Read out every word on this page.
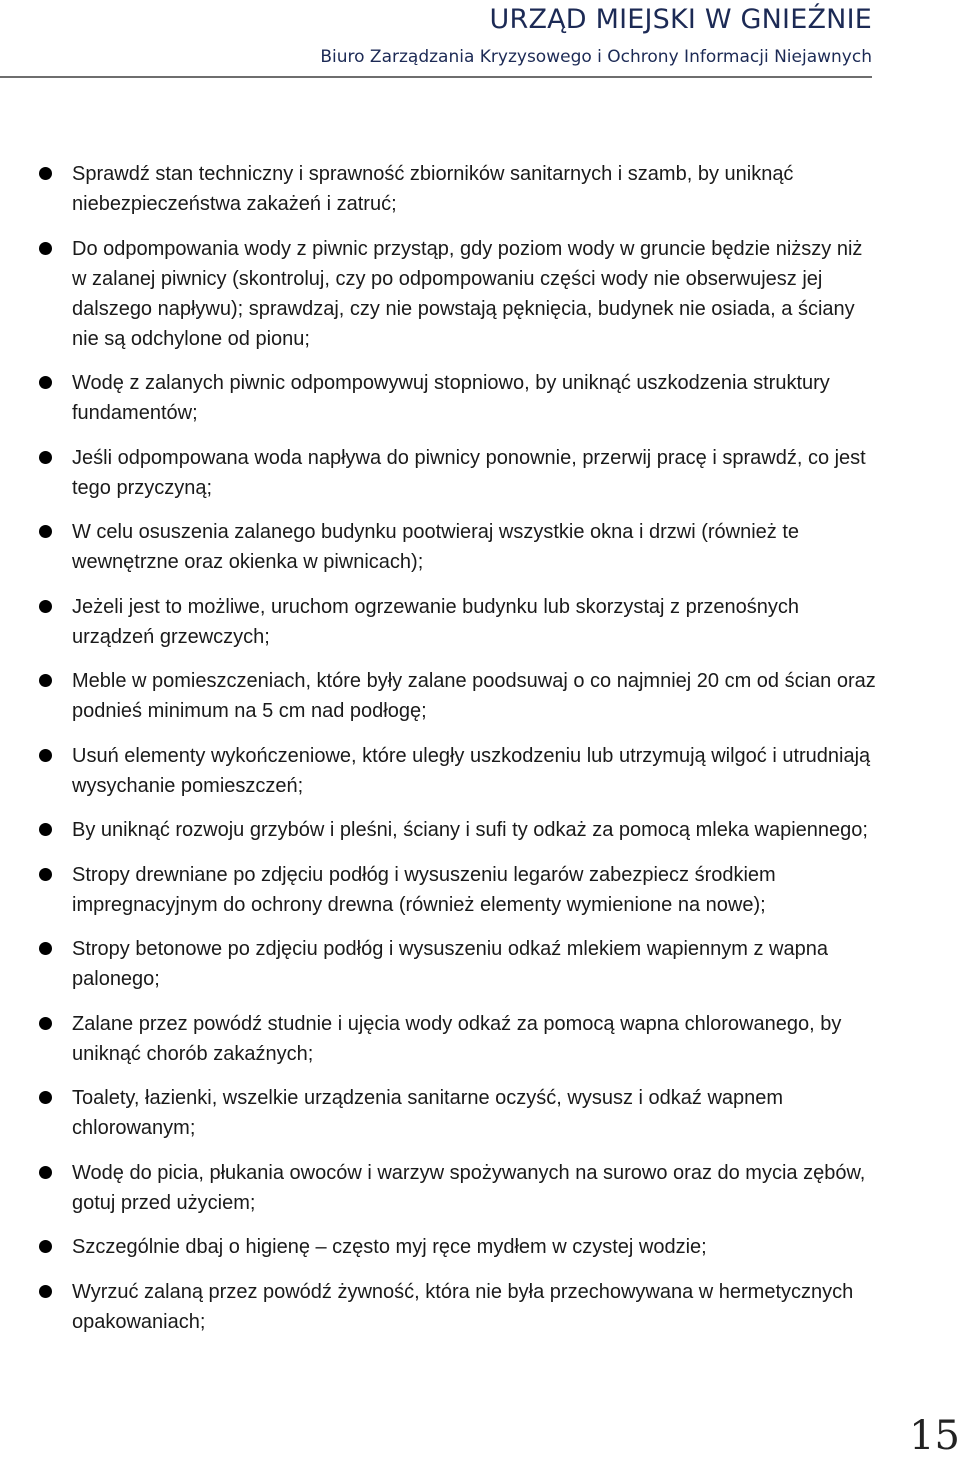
URZĄD MIEJSKI W GNIEŹNIE
Biuro Zarządzania Kryzysowego i Ochrony Informacji Niejawnych
Sprawdź stan techniczny i sprawność zbiorników sanitarnych i szamb, by uniknąć niebezpieczeństwa zakażeń i zatruć;
Do odpompowania wody z piwnic przystąp, gdy poziom wody w gruncie będzie niższy niż w zalanej piwnicy (skontroluj, czy po odpompowaniu części wody nie obserwujesz jej dalszego napływu); sprawdzaj, czy nie powstają pęknięcia, budynek nie osiada, a ściany nie są odchylone od pionu;
Wodę z zalanych piwnic odpompowywuj stopniowo, by uniknąć uszkodzenia struktury fundamentów;
Jeśli odpompowana woda napływa do piwnicy ponownie, przerwij pracę i sprawdź, co jest tego przyczyną;
W celu osuszenia zalanego budynku pootwieraj wszystkie okna i drzwi (również te wewnętrzne oraz okienka w piwnicach);
Jeżeli jest to możliwe, uruchom ogrzewanie budynku lub skorzystaj z przenośnych urządzeń grzewczych;
Meble w pomieszczeniach, które były zalane poodsuwaj o co najmniej 20 cm od ścian oraz podnieś minimum na 5 cm nad podłogę;
Usuń elementy wykończeniowe, które uległy uszkodzeniu lub utrzymują wilgoć i utrudniają wysychanie pomieszczeń;
By uniknąć rozwoju grzybów i pleśni, ściany i sufi ty odkaż za pomocą mleka wapiennego;
Stropy drewniane po zdjęciu podłóg i wysuszeniu legarów zabezpiecz środkiem impregnacyjnym do ochrony drewna (również elementy wymienione na nowe);
Stropy betonowe po zdjęciu podłóg i wysuszeniu odkaź mlekiem wapiennym z wapna palonego;
Zalane przez powódź studnie i ujęcia wody odkaź za pomocą wapna chlorowanego, by uniknąć chorób zakaźnych;
Toalety, łazienki, wszelkie urządzenia sanitarne oczyść, wysusz i odkaź wapnem chlorowanym;
Wodę do picia, płukania owoców i warzyw spożywanych na surowo oraz do mycia zębów, gotuj przed użyciem;
Szczególnie dbaj o higienę – często myj ręce mydłem w czystej wodzie;
Wyrzuć zalaną przez powódź żywność, która nie była przechowywana w hermetycznych opakowaniach;
15
